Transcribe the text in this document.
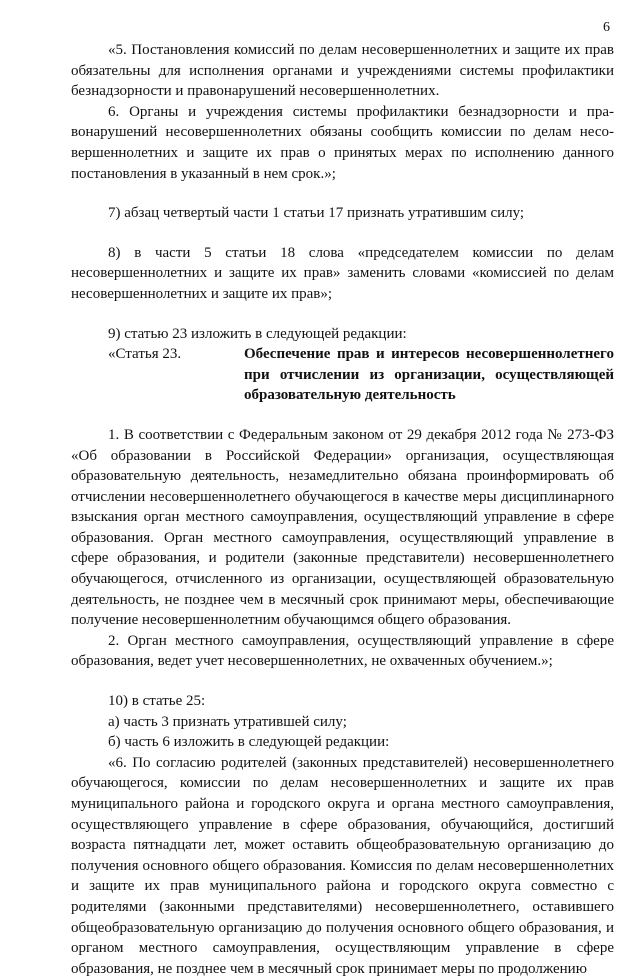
6

«5. Постановления комиссий по делам несовершеннолетних и защите их прав обязательны для исполнения органами и учреждениями системы профилактики безнадзорности и правонарушений несовершеннолетних.

6. Органы и учреждения системы профилактики безнадзорности и пра-вонарушений несовершеннолетних обязаны сообщить комиссии по делам несо-вершеннолетних и защите их прав о принятых мерах по исполнению данного постановления в указанный в нем срок.»;

7) абзац четвертый части 1 статьи 17 признать утратившим силу;

8) в части 5 статьи 18 слова «председателем комиссии по делам несовершеннолетних и защите их прав» заменить словами «комиссией по делам несовершеннолетних и защите их прав»;

9) статью 23 изложить в следующей редакции:

«Статья 23.	Обеспечение прав и интересов несовершеннолетнего при отчислении из организации, осуществляющей образовательную деятельность

1. В соответствии с Федеральным законом от 29 декабря 2012 года № 273-ФЗ «Об образовании в Российской Федерации» организация, осуществляющая образовательную деятельность, незамедлительно обязана проинформировать об отчислении несовершеннолетнего обучающегося в качестве меры дисциплинарного взыскания орган местного самоуправления, осуществляющий управление в сфере образования. Орган местного самоуправления, осуществляющий управление в сфере образования, и родители (законные представители) несовершеннолетнего обучающегося, отчисленного из организации, осуществляющей образовательную деятельность, не позднее чем в месячный срок принимают меры, обеспечивающие получение несовершеннолетним обучающимся общего образования.

2. Орган местного самоуправления, осуществляющий управление в сфере образования, ведет учет несовершеннолетних, не охваченных обучением.»;

10) в статье 25:

а) часть 3 признать утратившей силу;

б) часть 6 изложить в следующей редакции:

«6. По согласию родителей (законных представителей) несовершеннолетнего обучающегося, комиссии по делам несовершеннолетних и защите их прав муниципального района и городского округа и органа местного самоуправления, осуществляющего управление в сфере образования, обучающийся, достигший возраста пятнадцати лет, может оставить общеобразовательную организацию до получения основного общего образования. Комиссия по делам несовершеннолетних и защите их прав муниципального района и городского округа совместно с родителями (законными представителями) несовершеннолетнего, оставившего общеобразовательную организацию до получения основного общего образования, и органом местного самоуправления, осуществляющим управление в сфере образования, не позднее чем в месячный срок принимает меры по продолжению
